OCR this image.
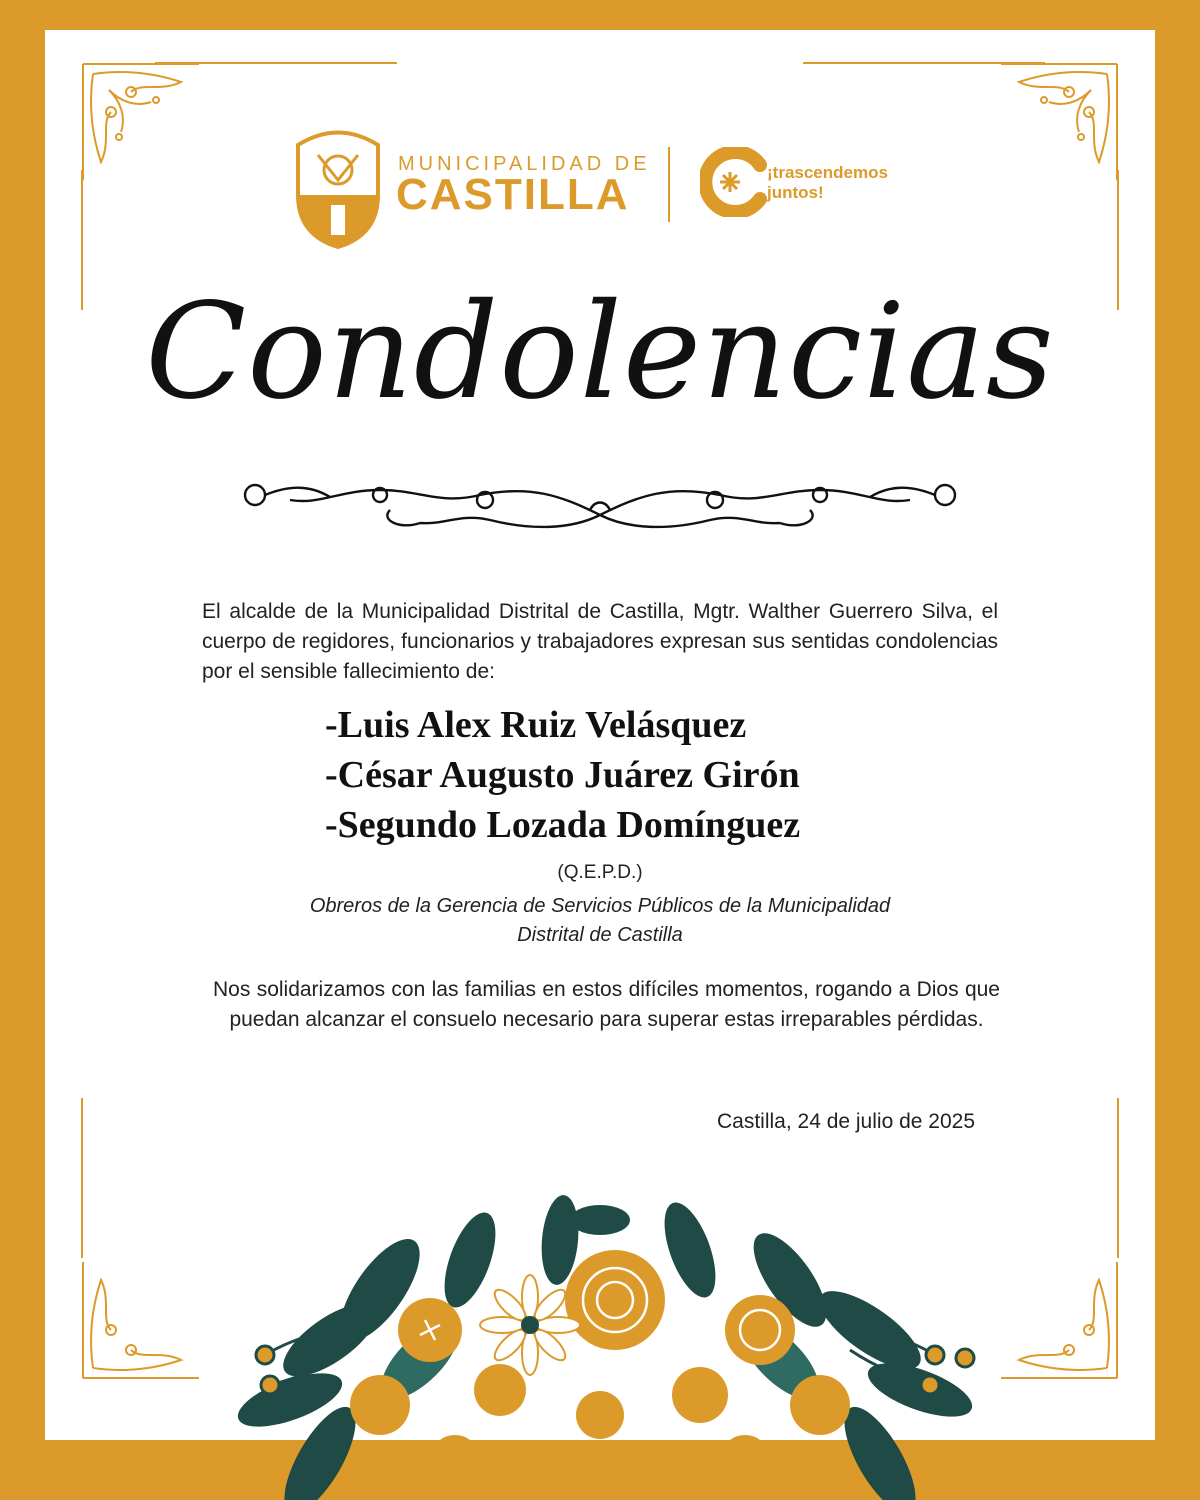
MUNICIPALIDAD DE
CASTILLA	¡trascendemos
juntos!
Condolencias
El alcalde de la Municipalidad Distrital de Castilla, Mgtr. Walther Guerrero Silva, el cuerpo de regidores, funcionarios y trabajadores expresan sus sentidas condolencias por el sensible fallecimiento de:
-Luis Alex Ruiz Velásquez
-César Augusto Juárez Girón
-Segundo Lozada Domínguez
(Q.E.P.D.)
Obreros de la Gerencia de Servicios Públicos de la Municipalidad
Distrital de Castilla
Nos solidarizamos con las familias en estos difíciles momentos, rogando a Dios que puedan alcanzar el consuelo necesario para superar estas irreparables pérdidas.
Castilla, 24 de julio de 2025
